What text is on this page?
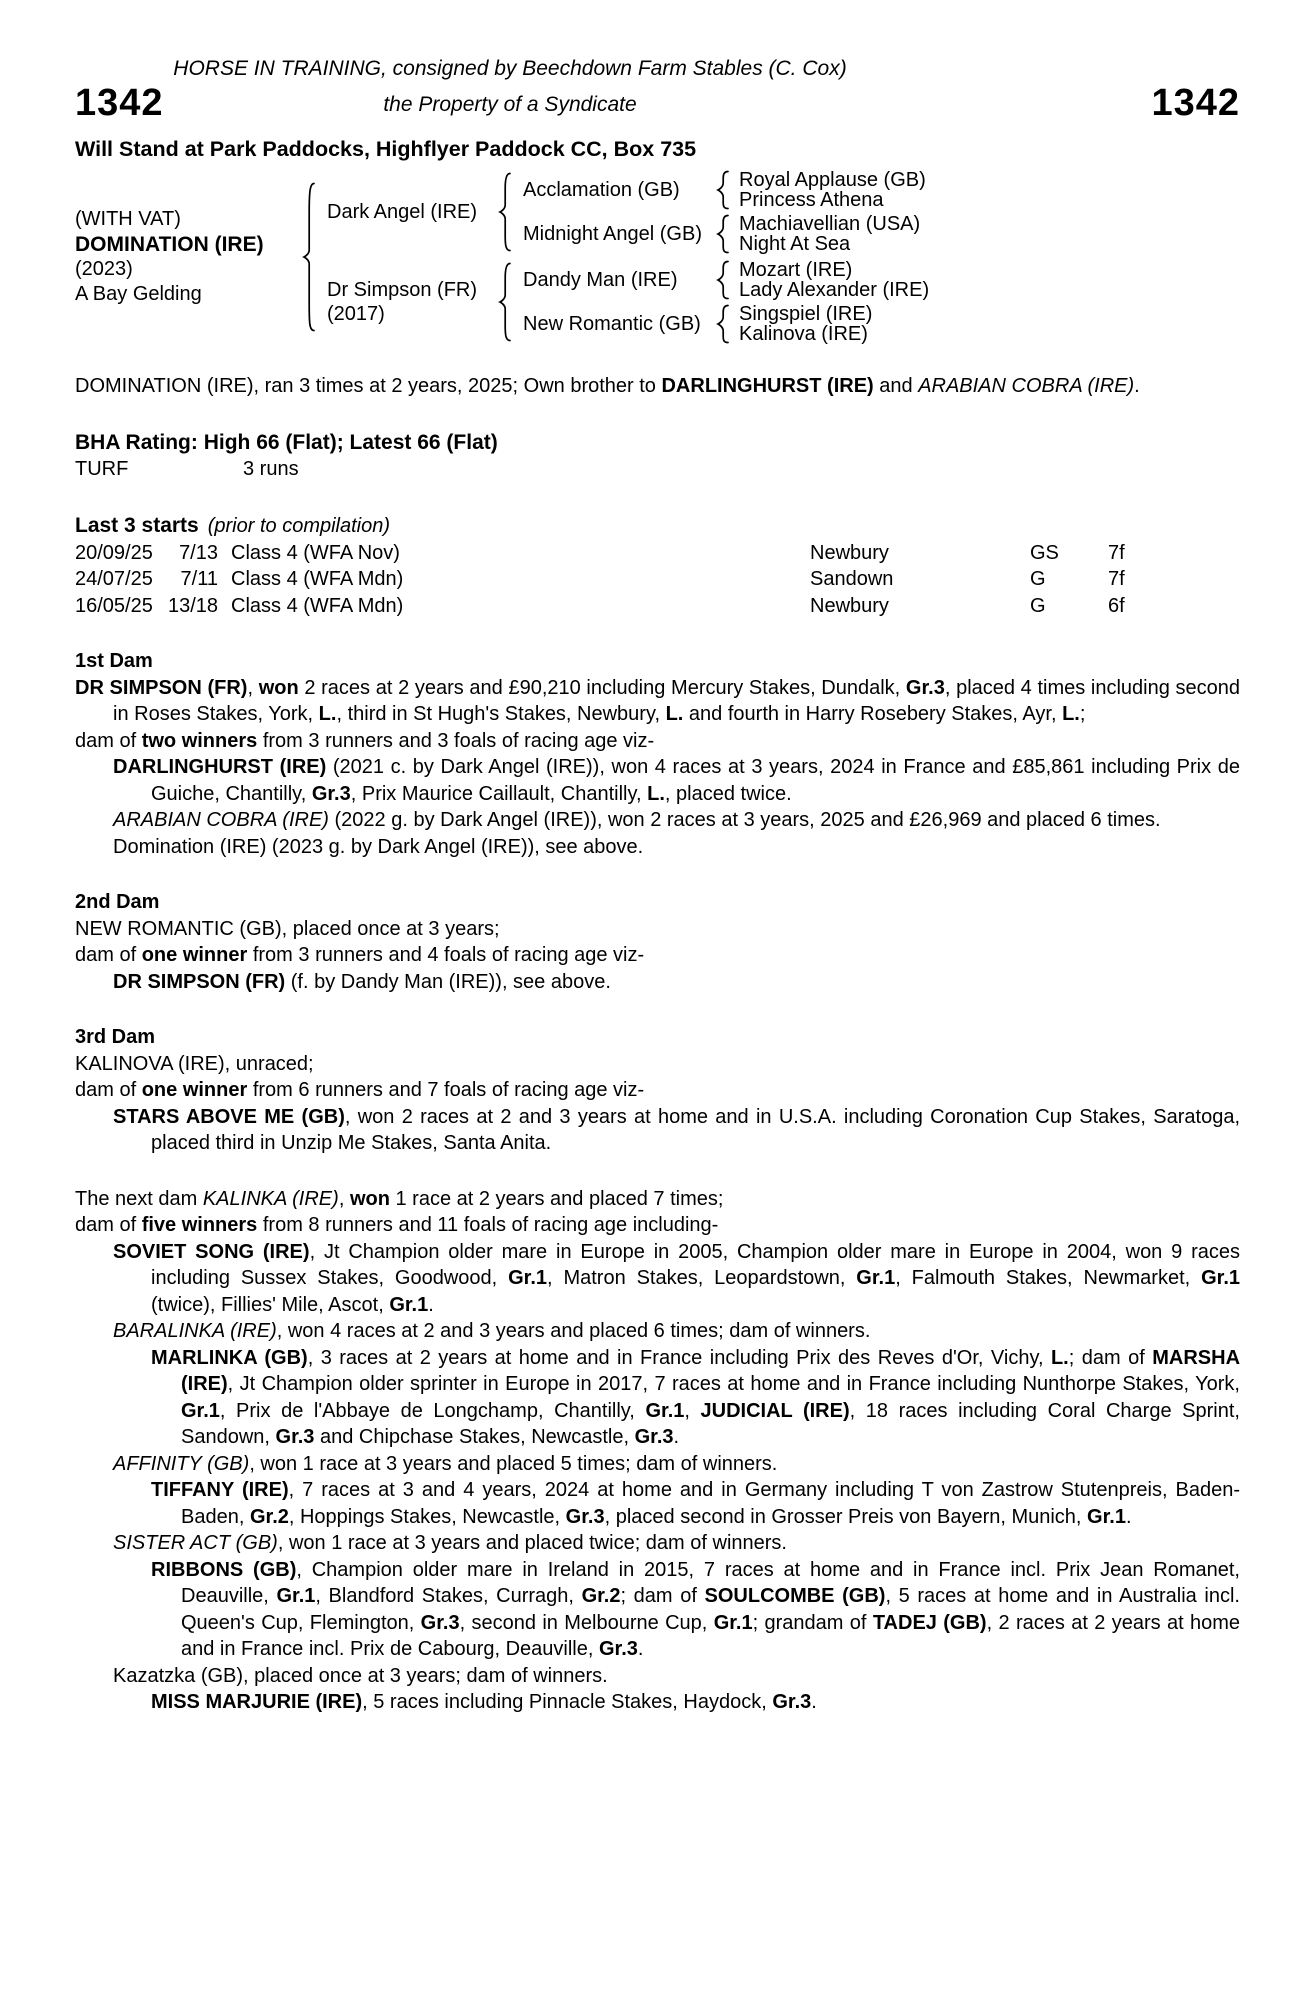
HORSE IN TRAINING, consigned by Beechdown Farm Stables (C. Cox)
1342	the Property of a Syndicate	1342
Will Stand at Park Paddocks, Highflyer Paddock CC, Box 735
(WITH VAT)
DOMINATION (IRE)
(2023)
A Bay Gelding
Dark Angel (IRE)
Acclamation (GB)	Royal Applause (GB)
Princess Athena
Midnight Angel (GB)	Machiavellian (USA)
Night At Sea
Dr Simpson (FR)
(2017)
Dandy Man (IRE)	Mozart (IRE)
Lady Alexander (IRE)
New Romantic (GB)	Singspiel (IRE)
Kalinova (IRE)
DOMINATION (IRE), ran 3 times at 2 years, 2025; Own brother to DARLINGHURST (IRE) and ARABIAN COBRA (IRE).
BHA Rating: High 66 (Flat); Latest 66 (Flat)
TURF	3 runs
Last 3 starts (prior to compilation)
20/09/25	7/13 Class 4 (WFA Nov)	Newbury	GS	7f
24/07/25	7/11 Class 4 (WFA Mdn)	Sandown	G	7f
16/05/25 13/18 Class 4 (WFA Mdn)	Newbury	G	6f
1st Dam
DR SIMPSON (FR), won 2 races at 2 years and £90,210 including Mercury Stakes, Dundalk, Gr.3, placed 4 times including second in Roses Stakes, York, L., third in St Hugh's Stakes, Newbury, L. and fourth in Harry Rosebery Stakes, Ayr, L.;
dam of two winners from 3 runners and 3 foals of racing age viz-
DARLINGHURST (IRE) (2021 c. by Dark Angel (IRE)), won 4 races at 3 years, 2024 in France and £85,861 including Prix de Guiche, Chantilly, Gr.3, Prix Maurice Caillault, Chantilly, L., placed twice.
ARABIAN COBRA (IRE) (2022 g. by Dark Angel (IRE)), won 2 races at 3 years, 2025 and £26,969 and placed 6 times.
Domination (IRE) (2023 g. by Dark Angel (IRE)), see above.
2nd Dam
NEW ROMANTIC (GB), placed once at 3 years;
dam of one winner from 3 runners and 4 foals of racing age viz-
DR SIMPSON (FR) (f. by Dandy Man (IRE)), see above.
3rd Dam
KALINOVA (IRE), unraced;
dam of one winner from 6 runners and 7 foals of racing age viz-
STARS ABOVE ME (GB), won 2 races at 2 and 3 years at home and in U.S.A. including Coronation Cup Stakes, Saratoga, placed third in Unzip Me Stakes, Santa Anita.
The next dam KALINKA (IRE), won 1 race at 2 years and placed 7 times;
dam of five winners from 8 runners and 11 foals of racing age including-
SOVIET SONG (IRE), Jt Champion older mare in Europe in 2005, Champion older mare in Europe in 2004, won 9 races including Sussex Stakes, Goodwood, Gr.1, Matron Stakes, Leopardstown, Gr.1, Falmouth Stakes, Newmarket, Gr.1 (twice), Fillies' Mile, Ascot, Gr.1.
BARALINKA (IRE), won 4 races at 2 and 3 years and placed 6 times; dam of winners.
MARLINKA (GB), 3 races at 2 years at home and in France including Prix des Reves d'Or, Vichy, L.; dam of MARSHA (IRE), Jt Champion older sprinter in Europe in 2017, 7 races at home and in France including Nunthorpe Stakes, York, Gr.1, Prix de l'Abbaye de Longchamp, Chantilly, Gr.1, JUDICIAL (IRE), 18 races including Coral Charge Sprint, Sandown, Gr.3 and Chipchase Stakes, Newcastle, Gr.3.
AFFINITY (GB), won 1 race at 3 years and placed 5 times; dam of winners.
TIFFANY (IRE), 7 races at 3 and 4 years, 2024 at home and in Germany including T von Zastrow Stutenpreis, Baden-Baden, Gr.2, Hoppings Stakes, Newcastle, Gr.3, placed second in Grosser Preis von Bayern, Munich, Gr.1.
SISTER ACT (GB), won 1 race at 3 years and placed twice; dam of winners.
RIBBONS (GB), Champion older mare in Ireland in 2015, 7 races at home and in France incl. Prix Jean Romanet, Deauville, Gr.1, Blandford Stakes, Curragh, Gr.2; dam of SOULCOMBE (GB), 5 races at home and in Australia incl. Queen's Cup, Flemington, Gr.3, second in Melbourne Cup, Gr.1; grandam of TADEJ (GB), 2 races at 2 years at home and in France incl. Prix de Cabourg, Deauville, Gr.3.
Kazatzka (GB), placed once at 3 years; dam of winners.
MISS MARJURIE (IRE), 5 races including Pinnacle Stakes, Haydock, Gr.3.
